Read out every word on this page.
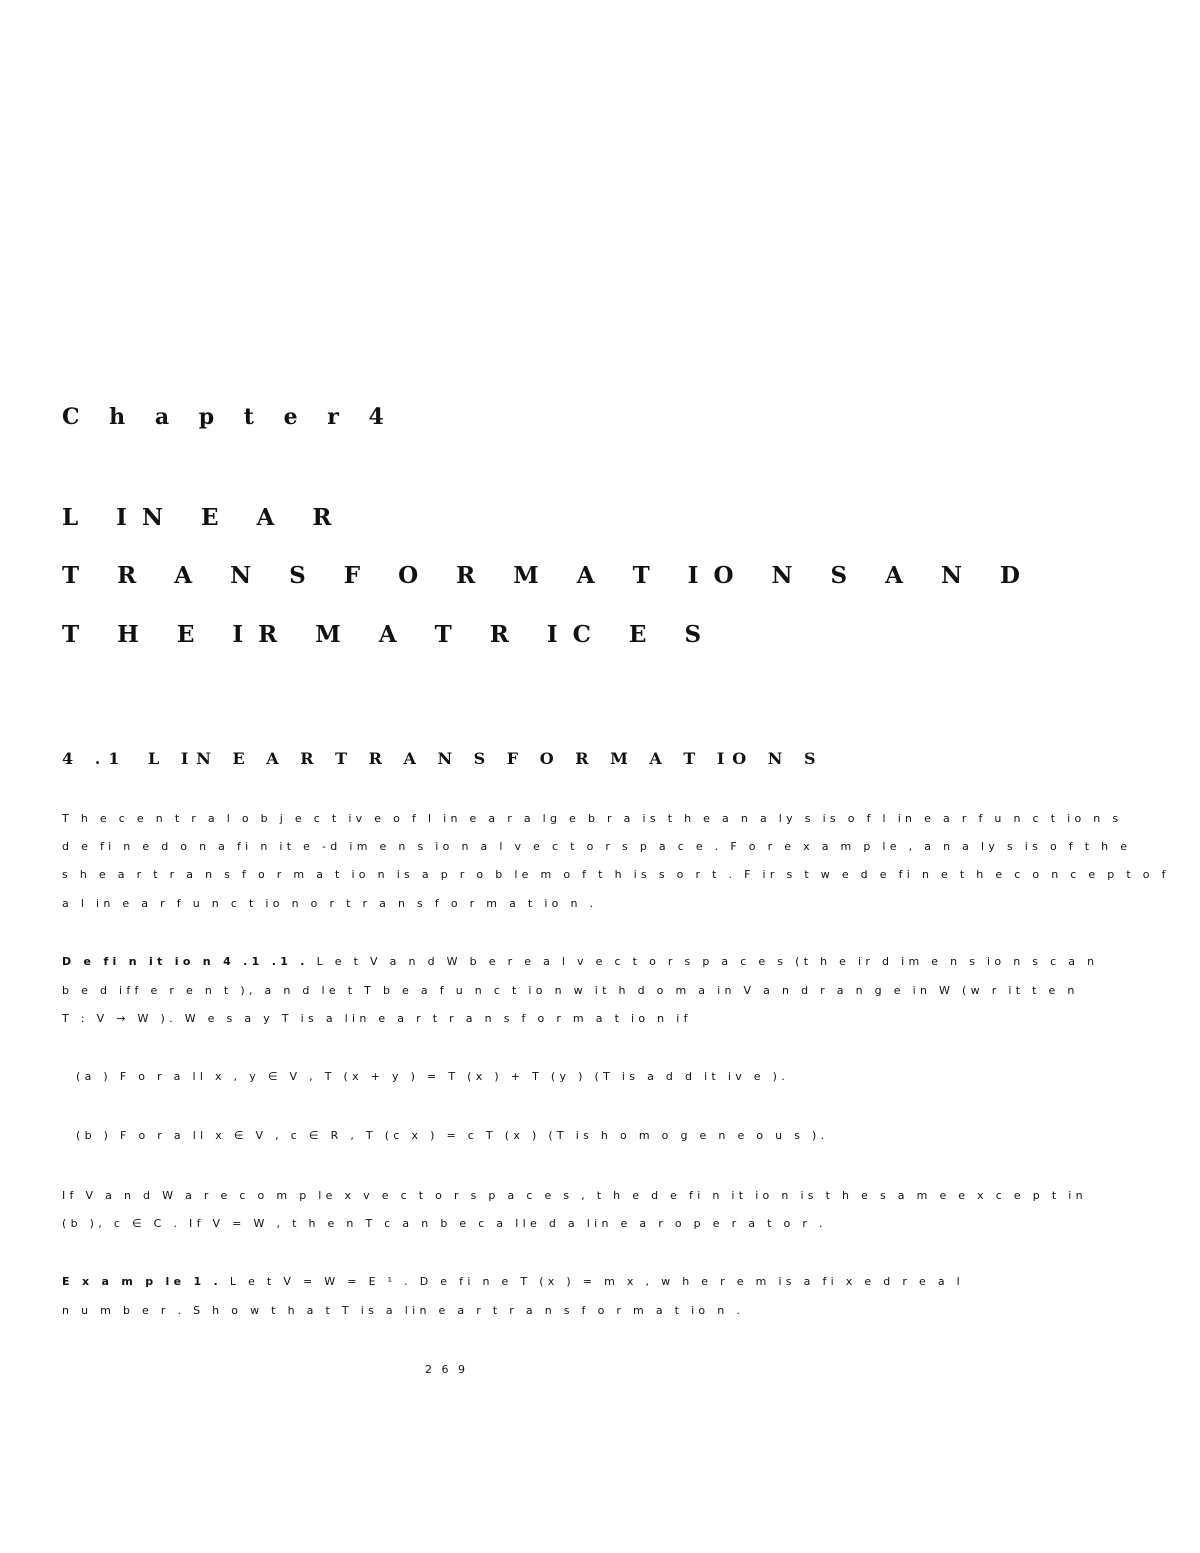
C h a p t e r 4
L IN E A R
T R A N S F O R M A T IO N S A N D
T H E IR M A T R IC E S
4 .1 L IN E A R T R A N S F O R M A T IO N S
T h e c e n t r a l o b j e c t iv e o f l in e a r a lg e b r a is t h e a n a ly s is o f l in e a r f u n c t io n s
d e fi n e d o n a fi n it e -d im e n s io n a l v e c t o r s p a c e . F o r e x a m p le , a n a ly s is o f t h e
s h e a r t r a n s f o r m a t io n is a p r o b le m o f t h is s o r t . F ir s t w e d e fi n e t h e c o n c e p t o f
a l in e a r f u n c t io n o r t r a n s f o r m a t io n .
D e fi n it io n 4 .1 .1 . L e t V a n d W b e r e a l v e c t o r s p a c e s (t h e ir d im e n s io n s c a n
b e d iff e r e n t ), a n d le t T b e a f u n c t io n w it h d o m a in V a n d r a n g e in W (w r it t e n
T : V → W ). W e s a y T is a lin e a r t r a n s f o r m a t io n if
(a ) F o r a ll x , y ∈ V , T (x + y ) = T (x ) + T (y ) (T is a d d it iv e ).
(b ) F o r a ll x ∈ V , c ∈ R , T (c x ) = c T (x ) (T is h o m o g e n e o u s ).
If V a n d W a r e c o m p le x v e c t o r s p a c e s , t h e d e fi n it io n is t h e s a m e e x c e p t in
(b ), c ∈ C . If V = W , t h e n T c a n b e c a lle d a lin e a r o p e r a t o r .
E x a m p le 1 . L e t V = W = E ¹ . D e fi n e T (x ) = m x , w h e r e m is a fi x e d r e a l
n u m b e r . S h o w t h a t T is a lin e a r t r a n s f o r m a t io n .
2 6 9
